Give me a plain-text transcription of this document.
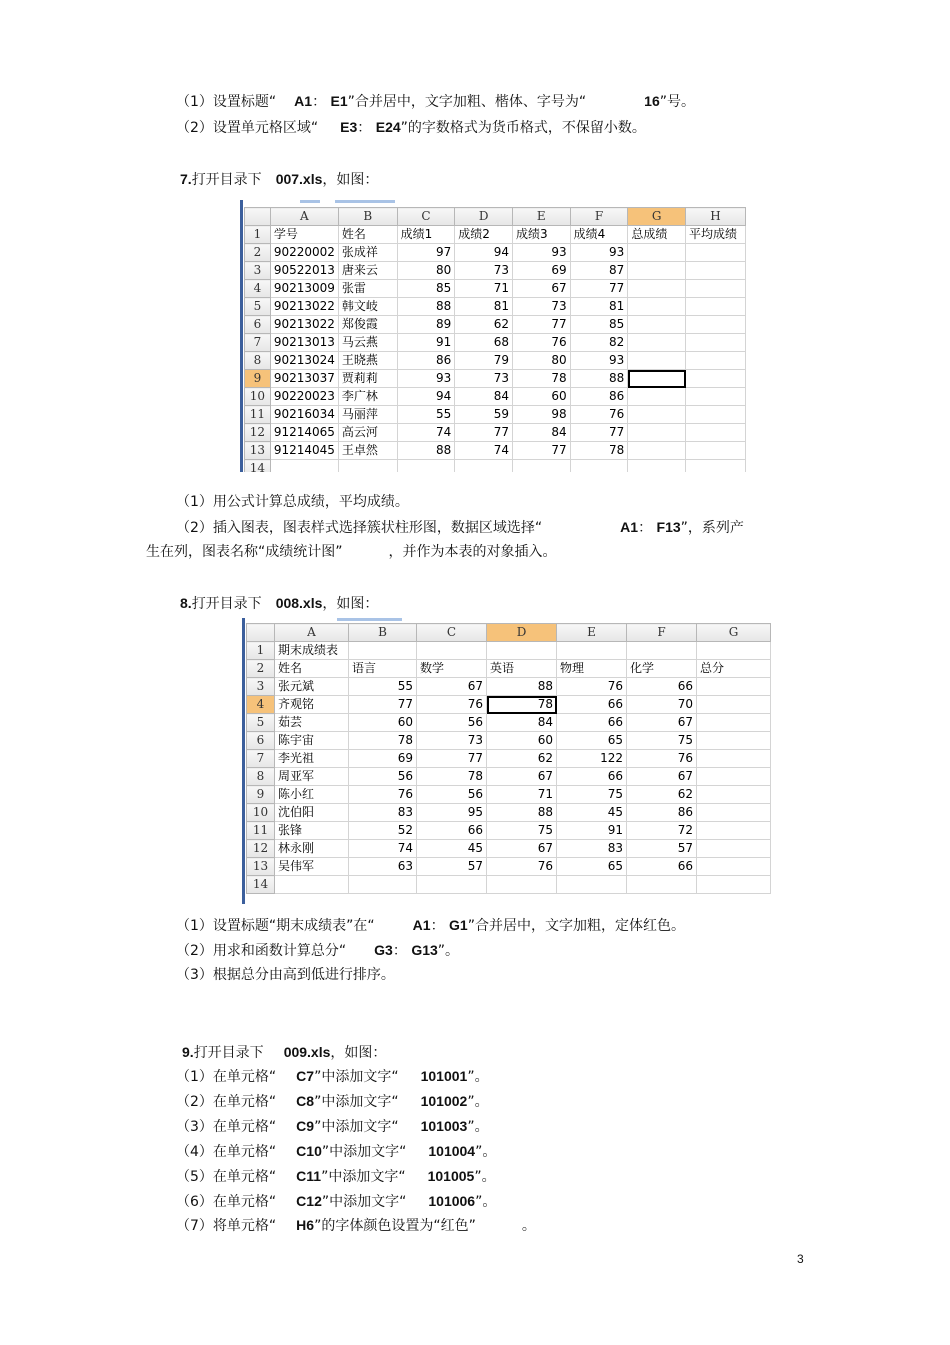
（1）设置标题“ A1： E1”合并居中，文字加粗、楷体、字号为“	16”号。
（2）设置单元格区域“ E3： E24”的字数格式为货币格式，不保留小数。
7.打开目录下 007.xls，如图：
	A	B	C	D	E	F	G	H
1	学号	姓名	成绩1	成绩2	成绩3	成绩4	总成绩	平均成绩
2	90220002	张成祥	97	94	93	93		
3	90522013	唐来云	80	73	69	87		
4	90213009	张雷	85	71	67	77		
5	90213022	韩文岐	88	81	73	81		
6	90213022	郑俊霞	89	62	77	85		
7	90213013	马云燕	91	68	76	82		
8	90213024	王晓燕	86	79	80	93		
9	90213037	贾莉莉	93	73	78	88		
10	90220023	李广林	94	84	60	86		
11	90216034	马丽萍	55	59	98	76		
12	91214065	高云河	74	77	84	77		
13	91214045	王卓然	88	74	77	78		
14								
（1）用公式计算总成绩，平均成绩。
（2）插入图表，图表样式选择簇状柱形图，数据区域选择“	A1： F13”，系列产
生在列，图表名称“成绩统计图”	，并作为本表的对象插入。
8.打开目录下 008.xls，如图：
	A	B	C	D	E	F	G
1	期末成绩表						
2	姓名	语言	数学	英语	物理	化学	总分
3	张元斌	55	67	88	76	66	
4	齐观铭	77	76	78	66	70	
5	茹芸	60	56	84	66	67	
6	陈宇宙	78	73	60	65	75	
7	李光祖	69	77	62	122	76	
8	周亚军	56	78	67	66	67	
9	陈小红	76	56	71	75	62	
10	沈伯阳	83	95	88	45	86	
11	张锋	52	66	75	91	72	
12	林永刚	74	45	67	83	57	
13	吴伟军	63	57	76	65	66	
14							
（1）设置标题“期末成绩表”在“	A1： G1”合并居中，文字加粗，定体红色。
（2）用求和函数计算总分“ G3： G13”。
（3）根据总分由高到低进行排序。
9.打开目录下 009.xls，如图：
（1）在单元格“ C7”中添加文字“ 101001”。
（2）在单元格“ C8”中添加文字“ 101002”。
（3）在单元格“ C9”中添加文字“ 101003”。
（4）在单元格“ C10”中添加文字“ 101004”。
（5）在单元格“ C11”中添加文字“ 101005”。
（6）在单元格“ C12”中添加文字“ 101006”。
（7）将单元格“ H6”的字体颜色设置为“红色”	。
3
